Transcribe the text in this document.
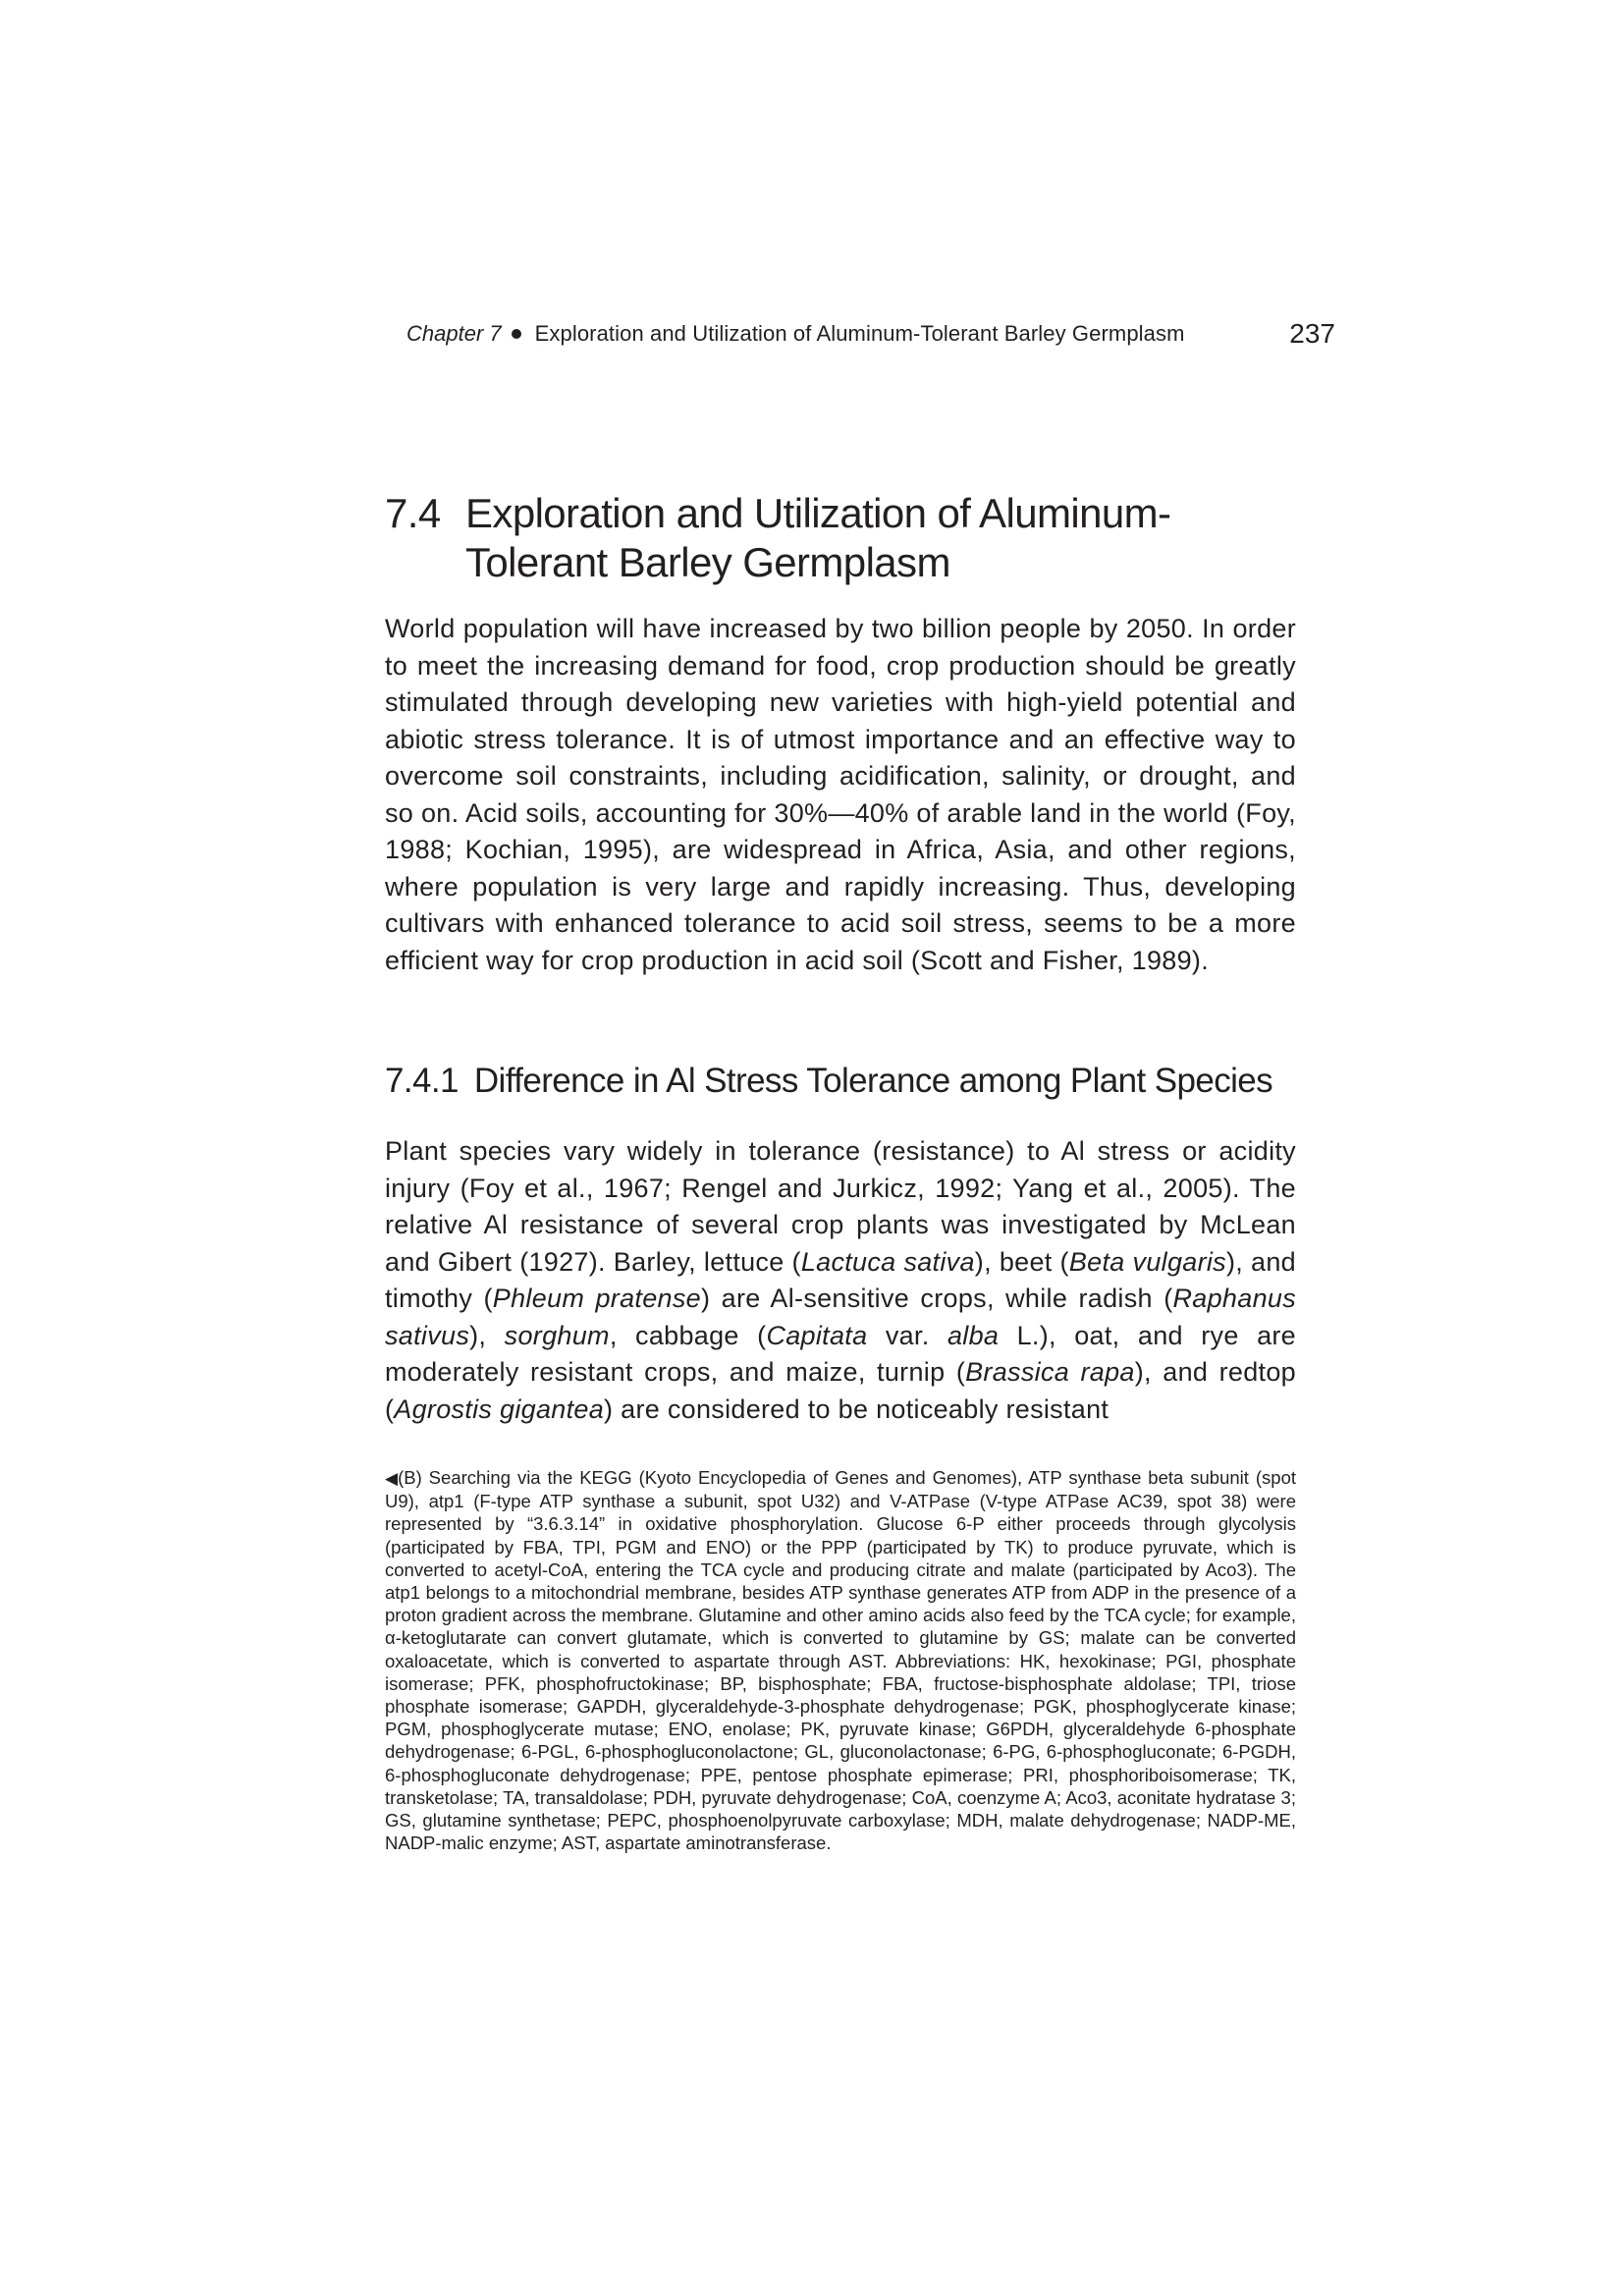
Chapter 7 Exploration and Utilization of Aluminum-Tolerant Barley Germplasm	237
7.4 Exploration and Utilization of Aluminum-
Tolerant Barley Germplasm

World population will have increased by two billion people by 2050. In order to meet the increasing demand for food, crop production should be greatly stimulated through developing new varieties with high-yield potential and abiotic stress tolerance. It is of utmost importance and an effective way to overcome soil constraints, including acidification, salinity, or drought, and so on. Acid soils, accounting for 30%—40% of arable land in the world (Foy, 1988; Kochian, 1995), are widespread in Africa, Asia, and other regions, where population is very large and rapidly increasing. Thus, developing cultivars with enhanced tolerance to acid soil stress, seems to be a more efficient way for crop production in acid soil (Scott and Fisher, 1989).

7.4.1 Difference in Al Stress Tolerance among Plant Species

Plant species vary widely in tolerance (resistance) to Al stress or acidity injury (Foy et al., 1967; Rengel and Jurkicz, 1992; Yang et al., 2005). The relative Al resistance of several crop plants was investigated by McLean and Gibert (1927). Barley, lettuce (Lactuca sativa), beet (Beta vulgaris), and timothy (Phleum pratense) are Al-sensitive crops, while radish (Raphanus sativus), sorghum, cabbage (Capitata var. alba L.), oat, and rye are moderately resistant crops, and maize, turnip (Brassica rapa), and redtop (Agrostis gigantea) are considered to be noticeably resistant

◀(B) Searching via the KEGG (Kyoto Encyclopedia of Genes and Genomes), ATP synthase beta subunit (spot U9), atp1 (F-type ATP synthase a subunit, spot U32) and V-ATPase (V-type ATPase AC39, spot 38) were represented by “3.6.3.14” in oxidative phosphorylation. Glucose 6-P either proceeds through glycolysis (participated by FBA, TPI, PGM and ENO) or the PPP (participated by TK) to produce pyruvate, which is converted to acetyl-CoA, entering the TCA cycle and producing citrate and malate (participated by Aco3). The atp1 belongs to a mitochondrial membrane, besides ATP synthase generates ATP from ADP in the presence of a proton gradient across the membrane. Glutamine and other amino acids also feed by the TCA cycle; for example, α-ketoglutarate can convert glutamate, which is converted to glutamine by GS; malate can be converted oxaloacetate, which is converted to aspartate through AST. Abbreviations: HK, hexokinase; PGI, phosphate isomerase; PFK, phosphofructokinase; BP, bisphosphate; FBA, fructose-bisphosphate aldolase; TPI, triose phosphate isomerase; GAPDH, glyceraldehyde-3-phosphate dehydrogenase; PGK, phosphoglycerate kinase; PGM, phosphoglycerate mutase; ENO, enolase; PK, pyruvate kinase; G6PDH, glyceraldehyde 6-phosphate dehydrogenase; 6-PGL, 6-phosphogluconolactone; GL, gluconolactonase; 6-PG, 6-phosphogluconate; 6-PGDH, 6-phosphogluconate dehydrogenase; PPE, pentose phosphate epimerase; PRI, phosphoriboisomerase; TK, transketolase; TA, transaldolase; PDH, pyruvate dehydrogenase; CoA, coenzyme A; Aco3, aconitate hydratase 3; GS, glutamine synthetase; PEPC, phosphoenolpyruvate carboxylase; MDH, malate dehydrogenase; NADP-ME, NADP-malic enzyme; AST, aspartate aminotransferase.
